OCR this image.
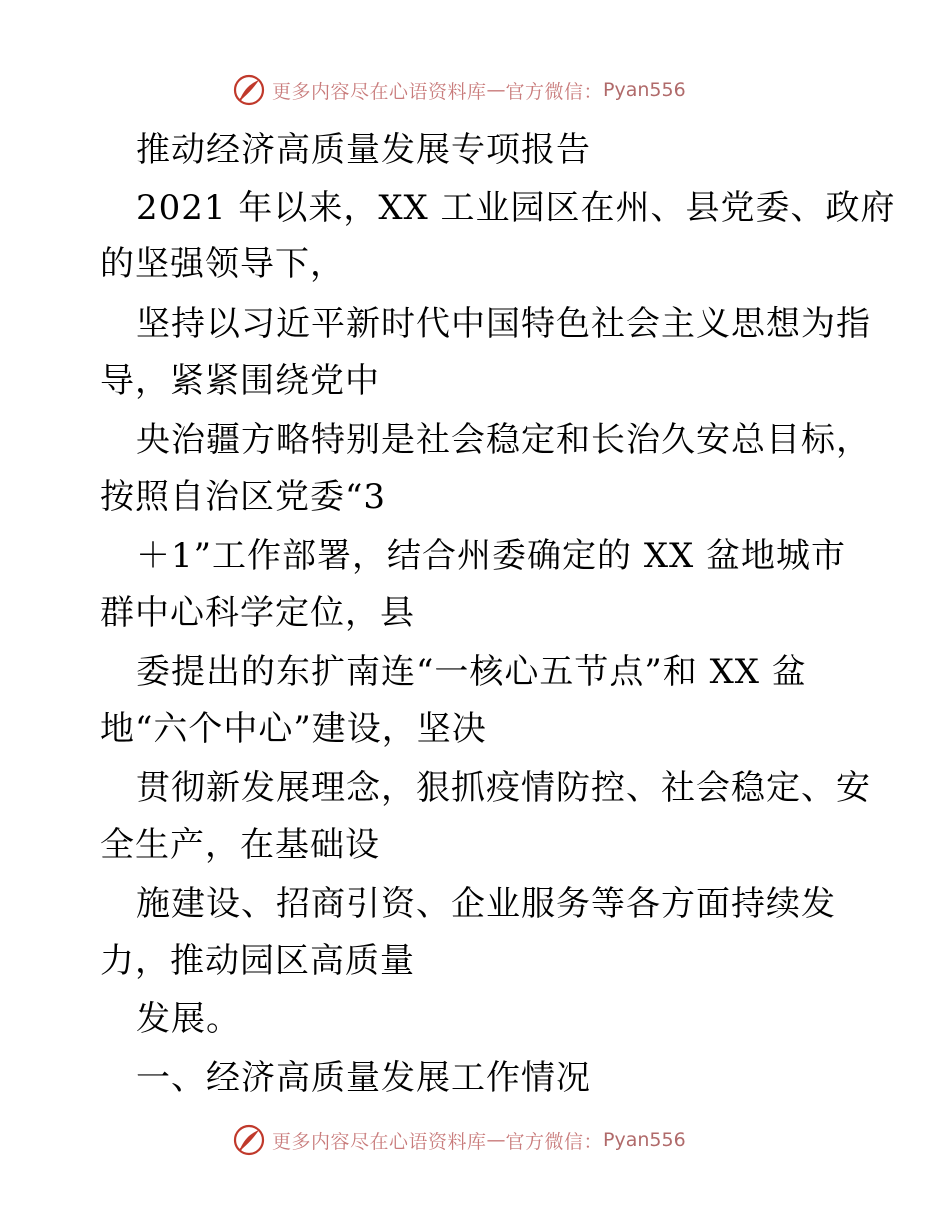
更多内容尽在心语资料库 — 官方微信： Pyan556
推动经济高质量发展专项报告
2021 年以来，XX 工业园区在州、县党委、政府
的坚强领导下，
坚持以习近平新时代中国特色社会主义思想为指
导，紧紧围绕党中
央治疆方略特别是社会稳定和长治久安总目标，
按照自治区党委“3
＋1”工作部署，结合州委确定的 XX 盆地城市
群中心科学定位，县
委提出的东扩南连“一核心五节点”和 XX 盆
地“六个中心”建设，坚决
贯彻新发展理念，狠抓疫情防控、社会稳定、安
全生产，在基础设
施建设、招商引资、企业服务等各方面持续发
力，推动园区高质量
发展。
一、经济高质量发展工作情况
更多内容尽在心语资料库 — 官方微信： Pyan556
